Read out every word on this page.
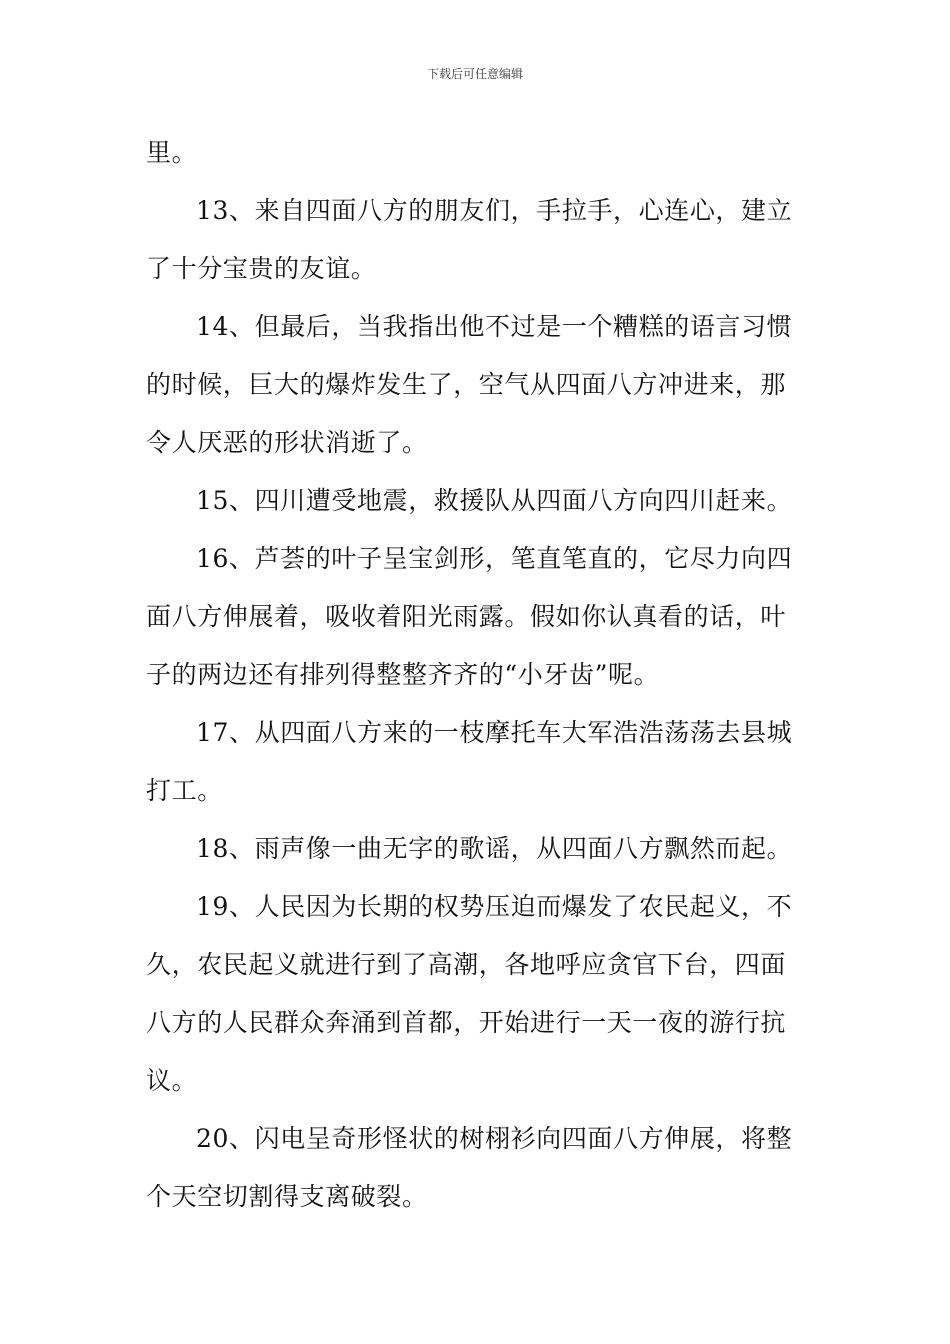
下载后可任意编辑
里。
13、来自四面八方的朋友们，手拉手，心连心，建立
了十分宝贵的友谊。
14、但最后，当我指出他不过是一个糟糕的语言习惯
的时候，巨大的爆炸发生了，空气从四面八方冲进来，那
令人厌恶的形状消逝了。
15、四川遭受地震，救援队从四面八方向四川赶来。
16、芦荟的叶子呈宝剑形，笔直笔直的，它尽力向四
面八方伸展着，吸收着阳光雨露。假如你认真看的话，叶
子的两边还有排列得整整齐齐的“小牙齿”呢。
17、从四面八方来的一枝摩托车大军浩浩荡荡去县城
打工。
18、雨声像一曲无字的歌谣，从四面八方飘然而起。
19、人民因为长期的权势压迫而爆发了农民起义，不
久，农民起义就进行到了高潮，各地呼应贪官下台，四面
八方的人民群众奔涌到首都，开始进行一天一夜的游行抗
议。
20、闪电呈奇形怪状的树栩衫向四面八方伸展，将整
个天空切割得支离破裂。
